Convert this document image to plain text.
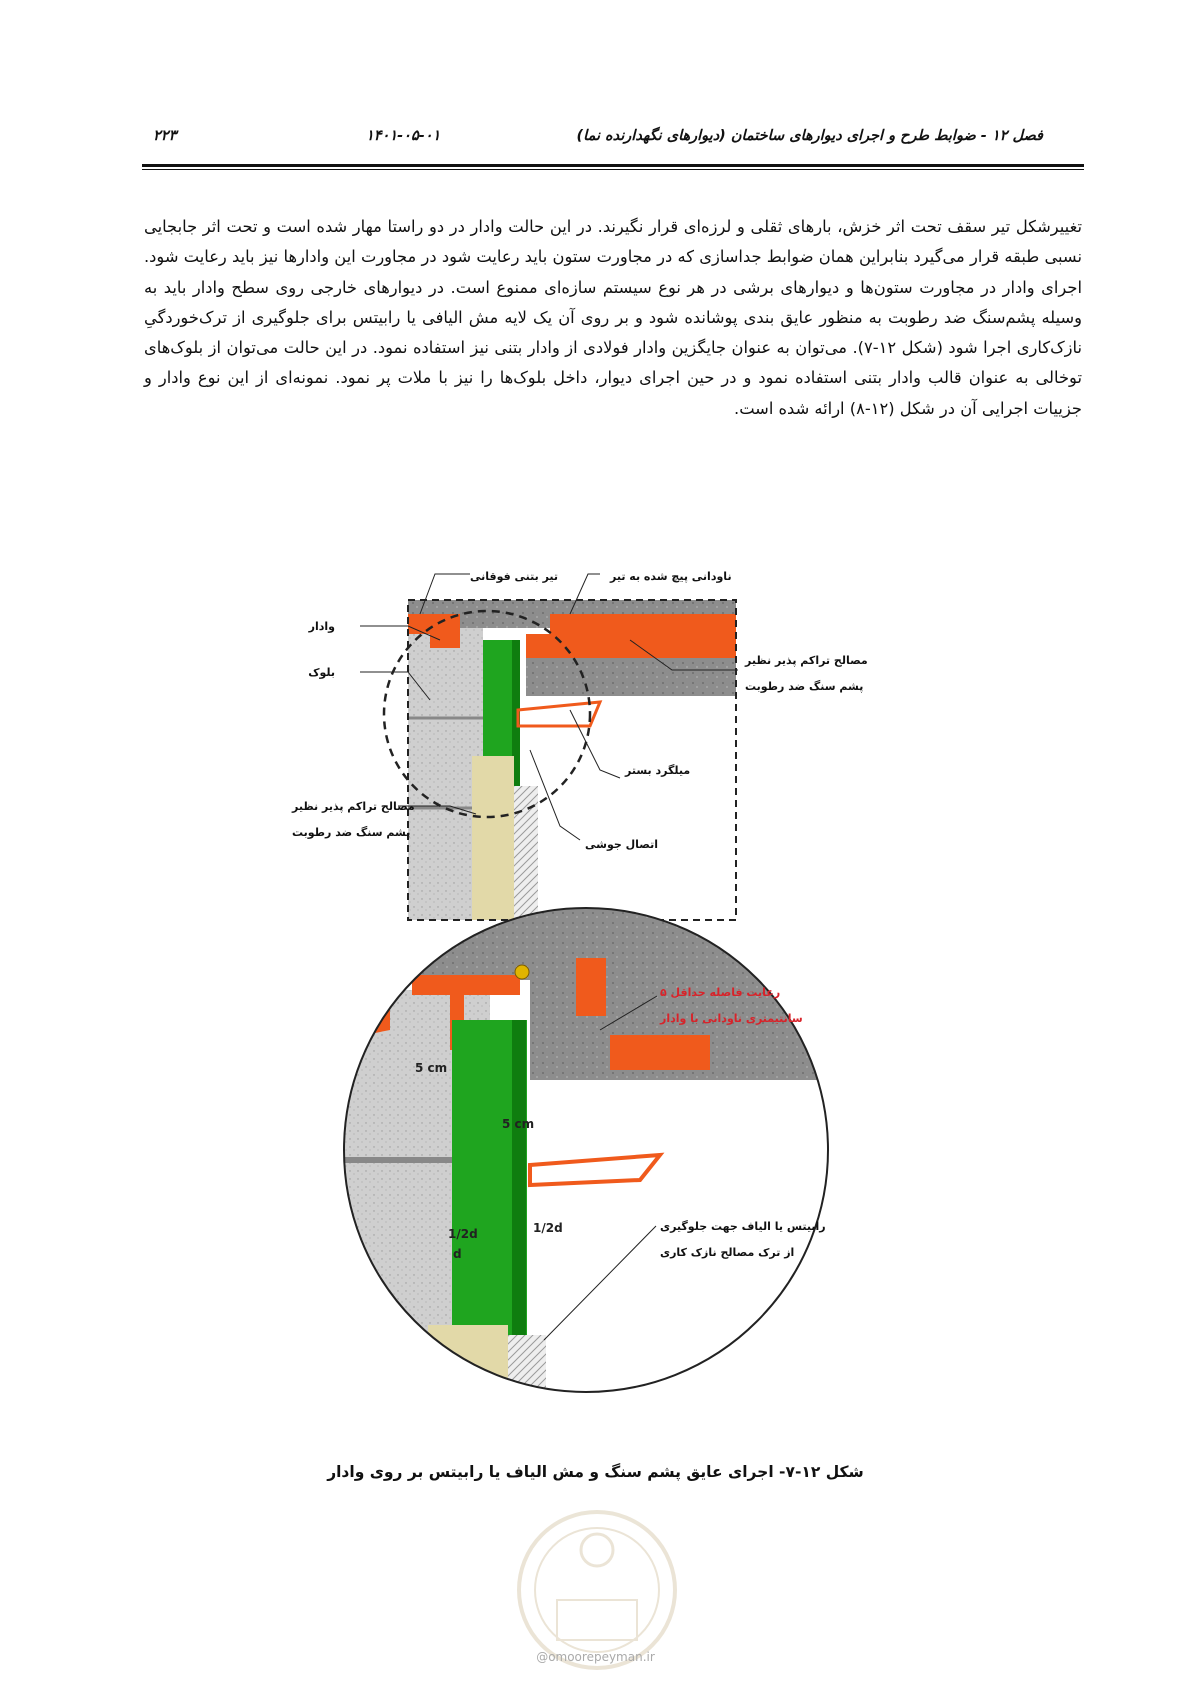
۲۲۳	۱۴۰۱-۰۵-۰۱	فصل ۱۲ - ضوابط طرح و اجرای دیوارهای ساختمان (دیوارهای نگهدارنده نما)

تغییرشکل تیر سقف تحت اثر خزش، بارهای ثقلی و لرزه‌ای قرار نگیرند. در این حالت وادار در دو راستا مهار شده است و تحت اثر جابجایی نسبی طبقه قرار می‌گیرد بنابراین همان ضوابط جداسازی که در مجاورت ستون باید رعایت شود در مجاورت این وادارها نیز باید رعایت شود. اجرای وادار در مجاورت ستون‌ها و دیوارهای برشی در هر نوع سیستم سازه‌ای ممنوع است. در دیوارهای خارجی روی سطح وادار باید به وسیله پشم‌سنگ ضد رطوبت به منظور عایق بندی پوشانده شود و بر روی آن یک لایه مش الیافی یا رابیتس برای جلوگیری از ترک‌خوردگیِ نازک‌کاری اجرا شود (شکل ۱۲-۷). می‌توان به عنوان جایگزین وادار فولادی از وادار بتنی نیز استفاده نمود. در این حالت می‌توان از بلوک‌های توخالی به عنوان قالب وادار بتنی استفاده نمود و در حین اجرای دیوار، داخل بلوک‌ها را نیز با ملات پر نمود. نمونه‌ای از این نوع وادار و جزییات اجرایی آن در شکل (۱۲-۸) ارائه شده است.

تیر بتنی فوقانی	ناودانی پیچ شده به تیر
وادار
بلوک
مصالح تراکم پذیر نظیر
پشم سنگ ضد رطوبت
میلگرد بستر
مصالح تراکم پذیر نظیر
پشم سنگ ضد رطوبت
اتصال جوشی
رعایت فاصله حداقل ۵
سانتیمتری ناودانی با وادار
رابیتس یا الیاف جهت جلوگیری
از ترک مصالح نازک کاری
5 cm
5 cm
1/2d	1/2d
d
شکل ۱۲-۷- اجرای عایق پشم سنگ و مش الیاف یا رابیتس بر روی وادار
@omoorepeyman.ir
